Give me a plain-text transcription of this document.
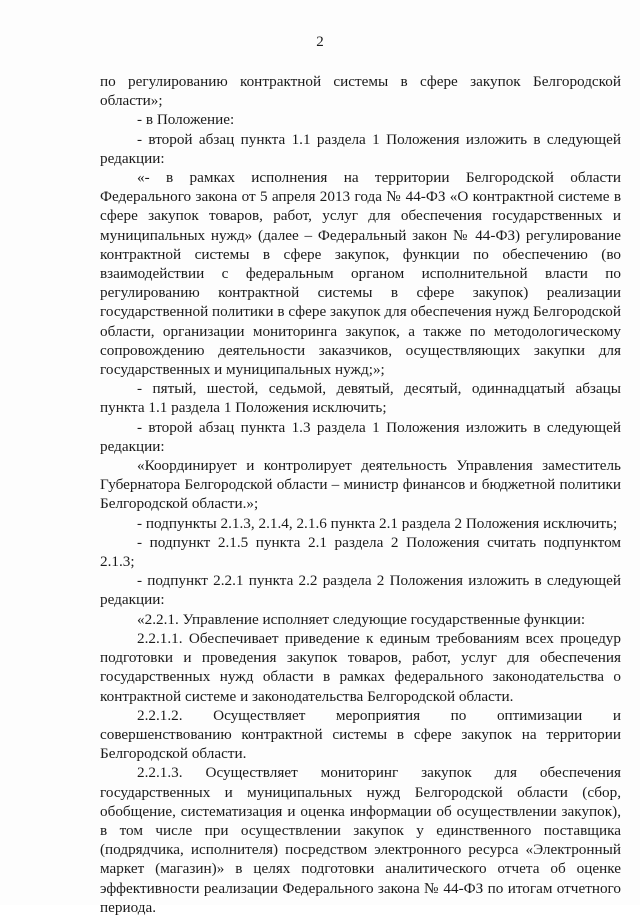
2

по регулированию контрактной системы в сфере закупок Белгородской области»;

- в Положение:

- второй абзац пункта 1.1 раздела 1 Положения изложить в следующей редакции:

«- в рамках исполнения на территории Белгородской области Федерального закона от 5 апреля 2013 года № 44-ФЗ «О контрактной системе в сфере закупок товаров, работ, услуг для обеспечения государственных и муниципальных нужд» (далее – Федеральный закон № 44-ФЗ) регулирование контрактной системы в сфере закупок, функции по обеспечению (во взаимодействии с федеральным органом исполнительной власти по регулированию контрактной системы в сфере закупок) реализации государственной политики в сфере закупок для обеспечения нужд Белгородской области, организации мониторинга закупок, а также по методологическому сопровождению деятельности заказчиков, осуществляющих закупки для государственных и муниципальных нужд;»;

- пятый, шестой, седьмой, девятый, десятый, одиннадцатый абзацы пункта 1.1 раздела 1 Положения исключить;

- второй абзац пункта 1.3 раздела 1 Положения изложить в следующей редакции:

«Координирует и контролирует деятельность Управления заместитель Губернатора Белгородской области – министр финансов и бюджетной политики Белгородской области.»;

- подпункты 2.1.3, 2.1.4, 2.1.6 пункта 2.1 раздела 2 Положения исключить;

- подпункт 2.1.5 пункта 2.1 раздела 2 Положения считать подпунктом 2.1.3;

- подпункт 2.2.1 пункта 2.2 раздела 2 Положения изложить в следующей редакции:

«2.2.1. Управление исполняет следующие государственные функции:

2.2.1.1. Обеспечивает приведение к единым требованиям всех процедур подготовки и проведения закупок товаров, работ, услуг для обеспечения государственных нужд области в рамках федерального законодательства о контрактной системе и законодательства Белгородской области.

2.2.1.2. Осуществляет мероприятия по оптимизации и совершенствованию контрактной системы в сфере закупок на территории Белгородской области.

2.2.1.3. Осуществляет мониторинг закупок для обеспечения государственных и муниципальных нужд Белгородской области (сбор, обобщение, систематизация и оценка информации об осуществлении закупок), в том числе при осуществлении закупок у единственного поставщика (подрядчика, исполнителя) посредством электронного ресурса «Электронный маркет (магазин)» в целях подготовки аналитического отчета об оценке эффективности реализации Федерального закона № 44-ФЗ по итогам отчетного периода.
